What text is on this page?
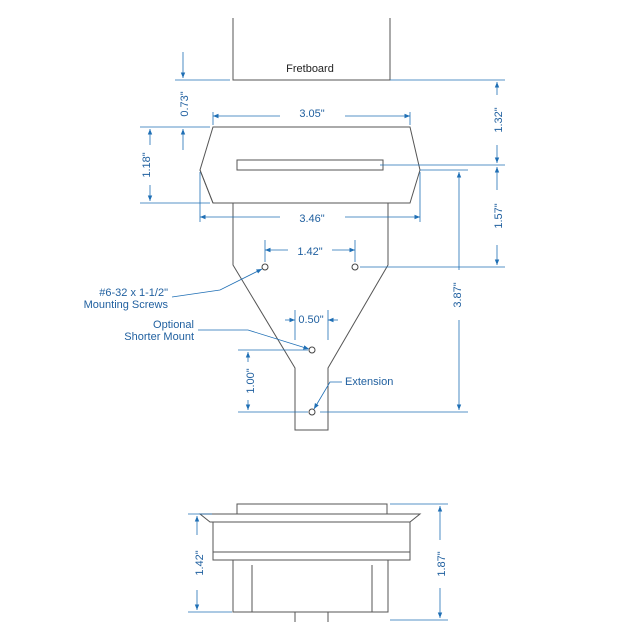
Fretboard
3.05"
3.46"
1.42"
0.50"
0.73"
1.18"
1.00"
1.32"
1.57"
3.87"
#6-32 x 1-1/2"
Mounting Screws
Optional
Shorter Mount
Extension
1.42"	1.87"
